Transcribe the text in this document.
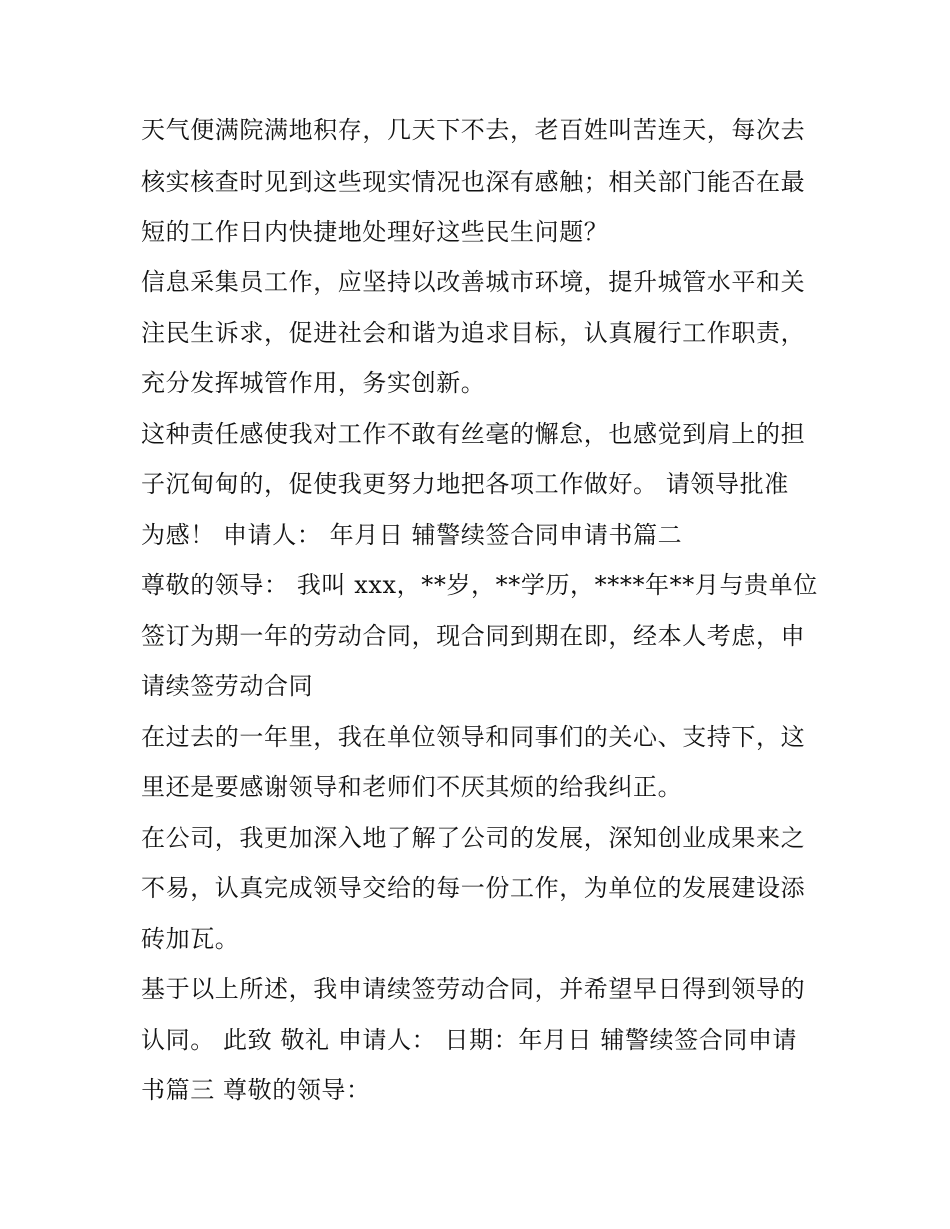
天气便满院满地积存，几天下不去，老百姓叫苦连天，每次去
核实核查时见到这些现实情况也深有感触；相关部门能否在最
短的工作日内快捷地处理好这些民生问题？
信息采集员工作，应坚持以改善城市环境，提升城管水平和关
注民生诉求，促进社会和谐为追求目标，认真履行工作职责，
充分发挥城管作用，务实创新。
这种责任感使我对工作不敢有丝毫的懈怠，也感觉到肩上的担
子沉甸甸的，促使我更努力地把各项工作做好。 请领导批准
为感！ 申请人： 年月日 辅警续签合同申请书篇二
尊敬的领导： 我叫 xxx，**岁，**学历，****年**月与贵单位
签订为期一年的劳动合同，现合同到期在即，经本人考虑，申
请续签劳动合同
在过去的一年里，我在单位领导和同事们的关心、支持下，这
里还是要感谢领导和老师们不厌其烦的给我纠正。
在公司，我更加深入地了解了公司的发展，深知创业成果来之
不易，认真完成领导交给的每一份工作，为单位的发展建设添
砖加瓦。
基于以上所述，我申请续签劳动合同，并希望早日得到领导的
认同。 此致 敬礼 申请人： 日期：年月日 辅警续签合同申请
书篇三 尊敬的领导：
